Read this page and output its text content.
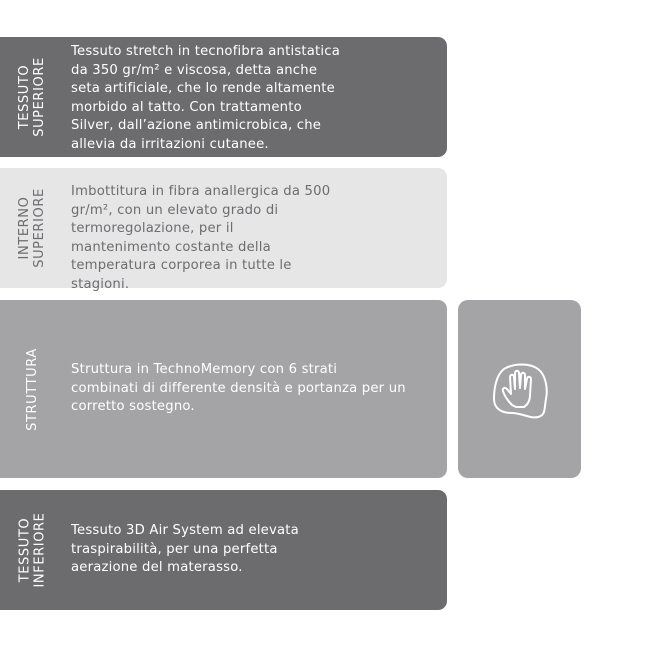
TESSUTO SUPERIORE
Tessuto stretch in tecnofibra antistatica da 350 gr/m² e viscosa, detta anche seta artificiale, che lo rende altamente morbido al tatto. Con trattamento Silver, dall’azione antimicrobica, che allevia da irritazioni cutanee.
INTERNO SUPERIORE Imbottitura in fibra anallergica da 500 gr/m², con un elevato grado di termoregolazione, per il mantenimento costante della temperatura corporea in tutte le stagioni.
STRUTTURA Struttura in TechnoMemory con 6 strati combinati di differente densità e portanza per un corretto sostegno.
TESSUTO INFERIORE Tessuto 3D Air System ad elevata traspirabilità, per una perfetta aerazione del materasso.
